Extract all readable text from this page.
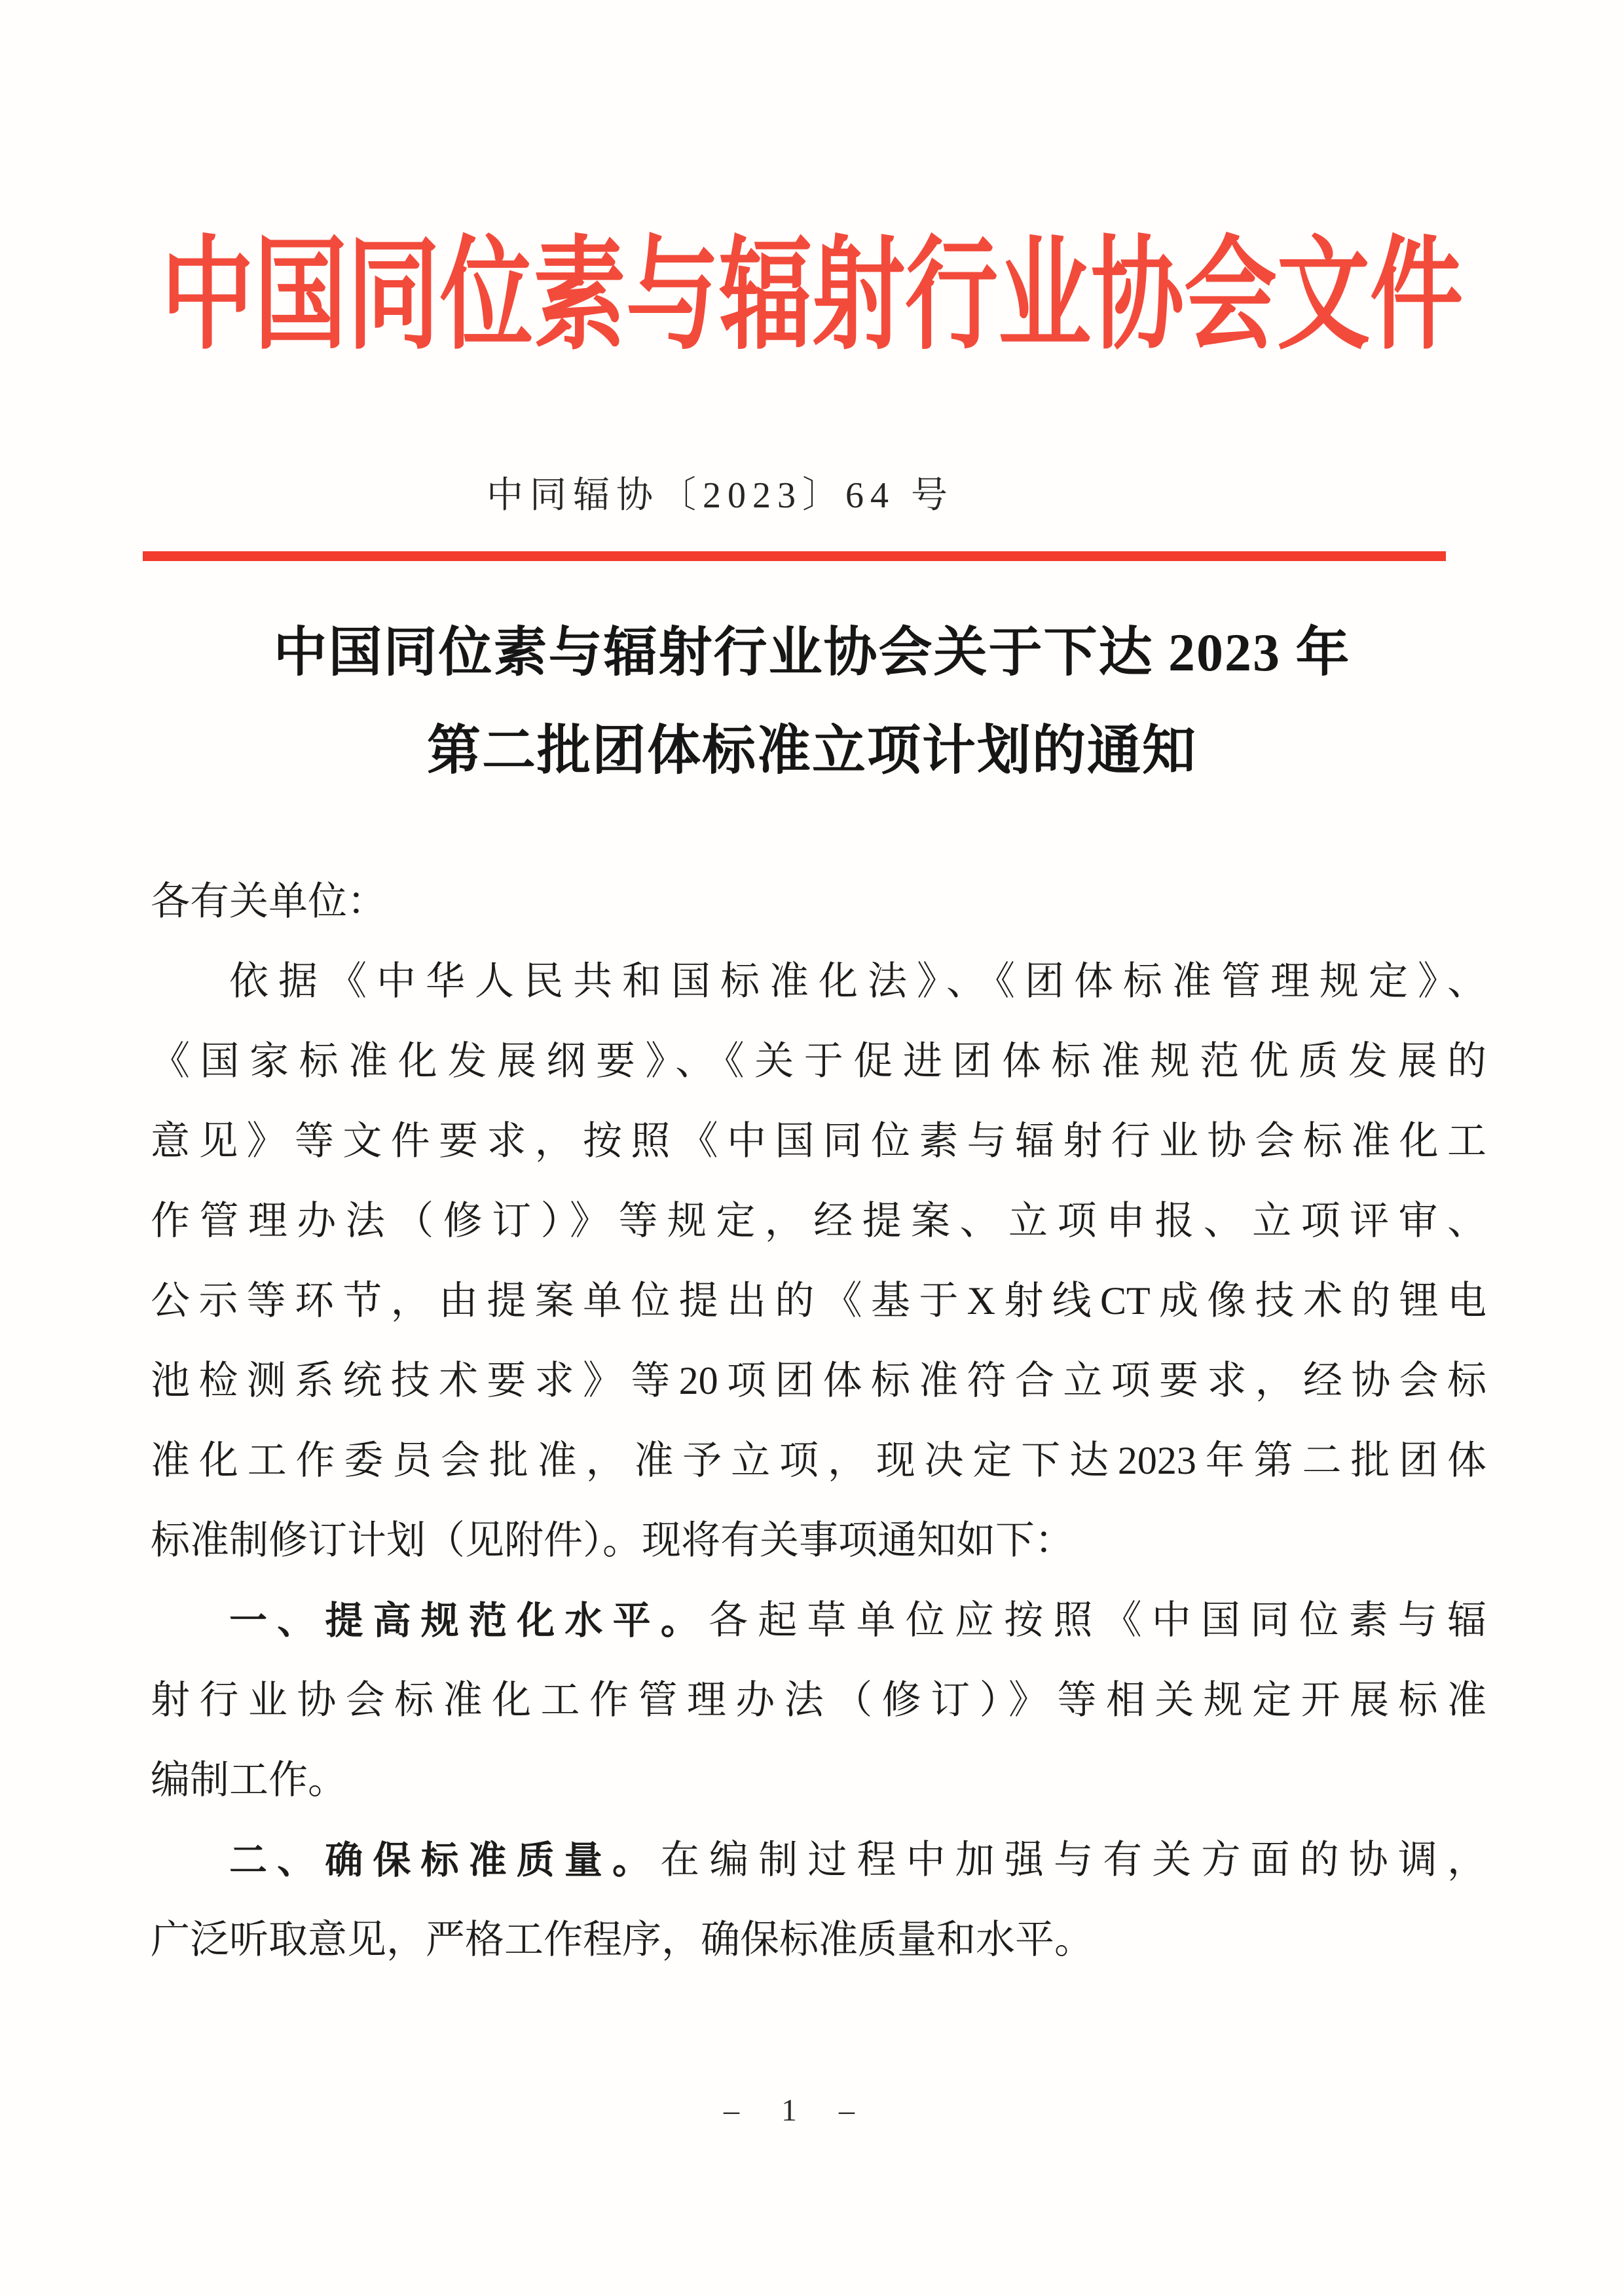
中国同位素与辐射行业协会文件
中同辐协〔2023〕64 号
中国同位素与辐射行业协会关于下达 2023 年
第二批团体标准立项计划的通知
各有关单位：
依据《中华人民共和国标准化法》、《团体标准管理规定》、
《国家标准化发展纲要》、《关于促进团体标准规范优质发展的
意见》等文件要求，按照《中国同位素与辐射行业协会标准化工
作管理办法（修订）》等规定，经提案、立项申报、立项评审、
公示等环节，由提案单位提出的《基于X射线CT成像技术的锂电
池检测系统技术要求》等20项团体标准符合立项要求，经协会标
准化工作委员会批准，准予立项，现决定下达2023年第二批团体
标准制修订计划（见附件）。现将有关事项通知如下：
一、提高规范化水平。各起草单位应按照《中国同位素与辐
射行业协会标准化工作管理办法（修订）》等相关规定开展标准
编制工作。
二、确保标准质量。在编制过程中加强与有关方面的协调，
广泛听取意见，严格工作程序，确保标准质量和水平。
– 1 –
